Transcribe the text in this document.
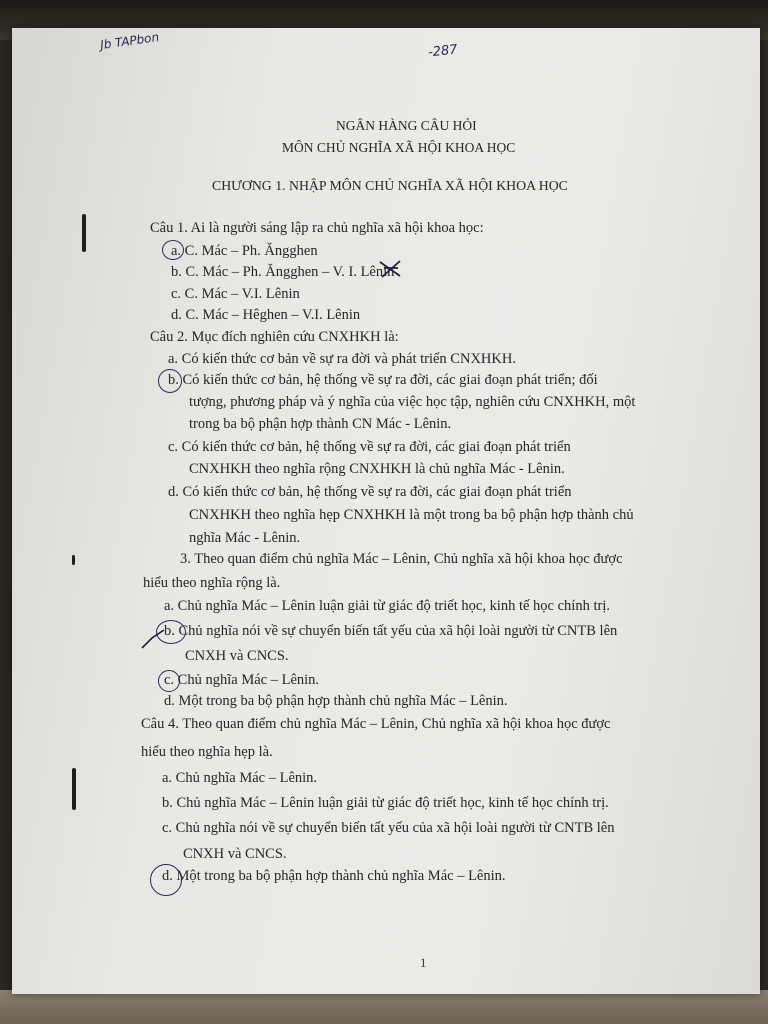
Jb TAPbon	-287
NGÂN HÀNG CÂU HỎI
MÔN CHỦ NGHĨA XÃ HỘI KHOA HỌC
CHƯƠNG 1. NHẬP MÔN CHỦ NGHĨA XÃ HỘI KHOA HỌC
Câu 1. Ai là người sáng lập ra chủ nghĩa xã hội khoa học:
a. C. Mác – Ph. Ăngghen
b. C. Mác – Ph. Ăngghen – V. I. Lênin
c. C. Mác – V.I. Lênin
d. C. Mác – Hêghen – V.I. Lênin
Câu 2. Mục đích nghiên cứu CNXHKH là:
a. Có kiến thức cơ bản về sự ra đời và phát triển CNXHKH.
b. Có kiến thức cơ bản, hệ thống về sự ra đời, các giai đoạn phát triển; đối
tượng, phương pháp và ý nghĩa của việc học tập, nghiên cứu CNXHKH, một
trong ba bộ phận hợp thành CN Mác - Lênin.
c. Có kiến thức cơ bản, hệ thống về sự ra đời, các giai đoạn phát triển
CNXHKH theo nghĩa rộng CNXHKH là chủ nghĩa Mác - Lênin.
d. Có kiến thức cơ bản, hệ thống về sự ra đời, các giai đoạn phát triển
CNXHKH theo nghĩa hẹp CNXHKH là một trong ba bộ phận hợp thành chủ
nghĩa Mác - Lênin.
3. Theo quan điểm chủ nghĩa Mác – Lênin, Chủ nghĩa xã hội khoa học được
hiểu theo nghĩa rộng là.
a. Chủ nghĩa Mác – Lênin luận giải từ giác độ triết học, kinh tế học chính trị.
b. Chủ nghĩa nói về sự chuyển biến tất yếu của xã hội loài người từ CNTB lên
CNXH và CNCS.
c. Chủ nghĩa Mác – Lênin.
d. Một trong ba bộ phận hợp thành chủ nghĩa Mác – Lênin.
Câu 4. Theo quan điểm chủ nghĩa Mác – Lênin, Chủ nghĩa xã hội khoa học được
hiểu theo nghĩa hẹp là.
a. Chủ nghĩa Mác – Lênin.
b. Chủ nghĩa Mác – Lênin luận giải từ giác độ triết học, kinh tế học chính trị.
c. Chủ nghĩa nói về sự chuyển biến tất yếu của xã hội loài người từ CNTB lên
CNXH và CNCS.
d. Một trong ba bộ phận hợp thành chủ nghĩa Mác – Lênin.
1
